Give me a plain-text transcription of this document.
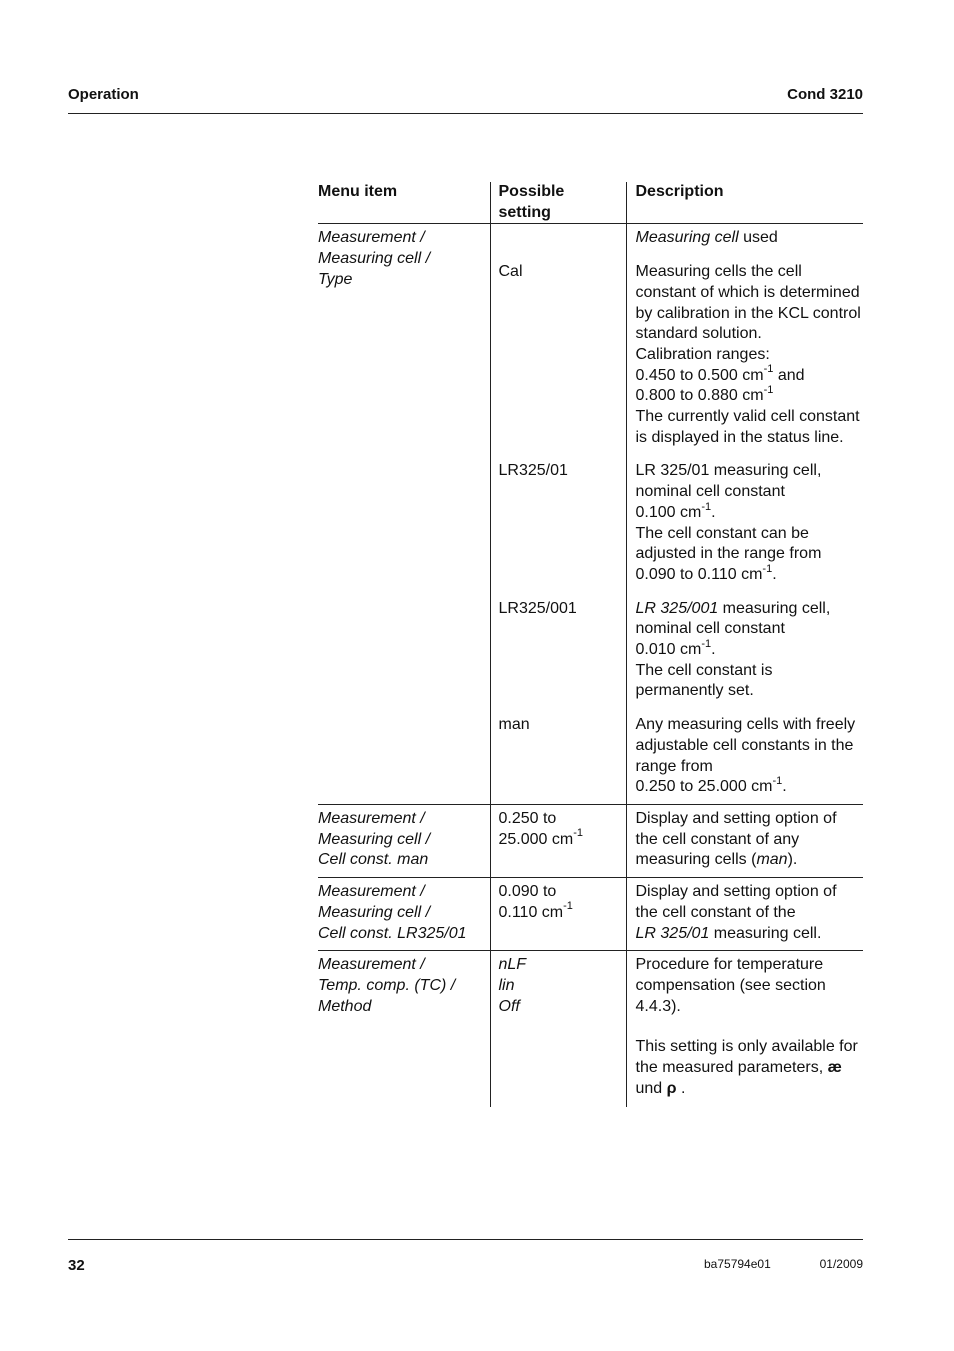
Operation	Cond 3210
Menu item	Possible setting	Description

Measurement /
Measuring cell /
Type		Measuring cell used
	Cal	Measuring cells the cell constant of which is determined by calibration in the KCL control standard solution.
Calibration ranges:
0.450 to 0.500 $cm^{-1}$ and
0.800 to 0.880 $cm^{-1}$
The currently valid cell constant is displayed in the status line.

	LR325/01	LR 325/01 measuring cell, nominal cell constant
0.100 $cm^{-1}$.
The cell constant can be adjusted in the range from
0.090 to 0.110 $cm^{-1}$.

	LR325/001	LR 325/001 measuring cell, nominal cell constant
0.010 $cm^{-1}$.
The cell constant is permanently set.

	man	Any measuring cells with freely adjustable cell constants in the range from
0.250 to 25.000 $cm^{-1}$.

Measurement /
Measuring cell /
Cell const. man	0.250 to
25.000 $cm^{-1}$	Display and setting option of the cell constant of any measuring cells (man).

Measurement /
Measuring cell /
Cell const. LR325/01	0.090 to
0.110 $cm^{-1}$	Display and setting option of the cell constant of the
LR 325/01 measuring cell.

Measurement /
Temp. comp. (TC) /
Method	nLF
lin
Off	Procedure for temperature compensation (see section 4.4.3).
This setting is only available for the measured parameters, æ und ρ .
32	ba75794e01	01/2009
